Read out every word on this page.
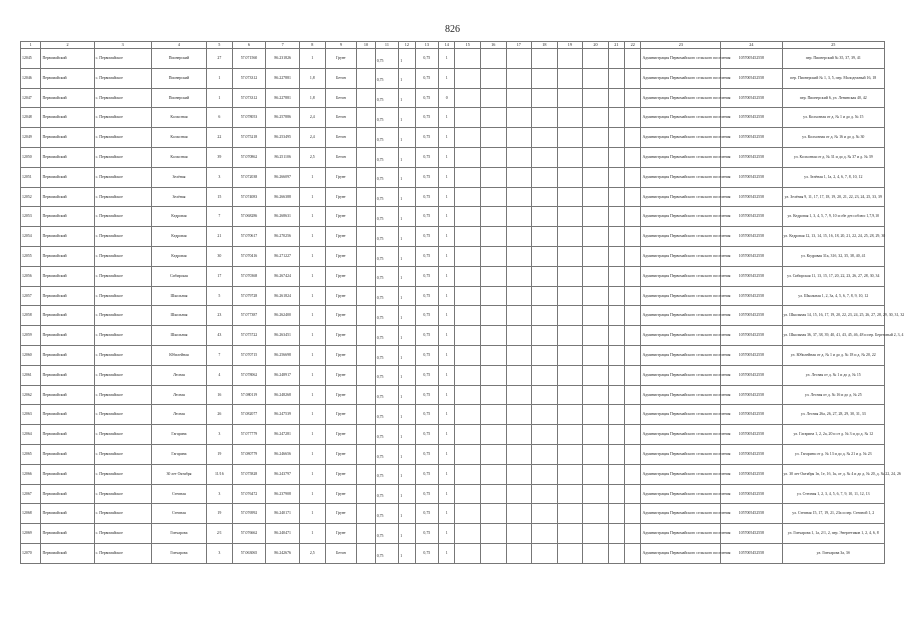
826
1	2	3	4	5	6	7	8	9	10	11	12	13	14	15	16	17	18	19	20	21	22	23	24	25
12045	Первомайский	с. Первомайское	Пионерский	27	57.071560	86.231826	1	Грунт		0,75	1	0,75	1									Администрация Первомайского сельского поселения	1057005452558	пер. Пионерский № 35, 37, 39, 41
12046	Первомайский	с. Первомайское	Пионерский	1	57.073312	86.227881	1,8	Бетон		0,75	1	0,75	1									Администрация Первомайского сельского поселения	1057005452558	пер. Пионерский № 1, 3, 5, пер. Молодежный 16, 18
12047	Первомайский	с. Первомайское	Пионерский	1	57.073312	86.227881	1,8	Бетон		0,75	1	0,75	0									Администрация Первомайского сельского поселения	1057005452558	пер. Пионерский 6, ул. Ленинская 40, 42
12048	Первомайский	с. Первомайское	Колхозная	6	57.078053	86.257886	2,4	Бетон		0,75	1	0,75	1									Администрация Первомайского сельского поселения	1057005452558	ул. Колхозная от д. № 1 и до д. № 15
12049	Первомайский	с. Первомайское	Колхозная	22	57.075218	86.253495	2,4	Бетон		0,75	1	0,75	1									Администрация Первомайского сельского поселения	1057005452558	ул. Колхозная от д. № 16 и до д. № 30
12050	Первомайский	с. Первомайское	Колхозная	39	57.070862	86.251106	2,5	Бетон		0,75	1	0,75	1									Администрация Первомайского сельского поселения	1057005452558	ул. Колхозная от д. № 31 и до д. № 37 и д. № 39
12051	Первомайский	с. Первомайское	Зелёная	3	57.072038	86.266097	1	Грунт		0,75	1	0,75	1									Администрация Первомайского сельского поселения	1057005452558	ул. Зелёная 1, 1а, 2, 4, 6, 7, 8, 10, 12
12052	Первомайский	с. Первомайское	Зелёная	15	57.074083	86.266388	1	Грунт		0,75	1	0,75	1									Администрация Первомайского сельского поселения	1057005452558	ул. Зелёная 9, 11, 17, 17, 18, 19, 20, 21, 22, 23, 24, 25, 33, 39
12053	Первомайский	с. Первомайское	Кедровая	7	57.068286	86.268631	1	Грунт		0,75	1	0,75	1									Администрация Первомайского сельского поселения	1057005452558	ул. Кедровая 1, 3, 4, 5, 7, 9, 10 и обе дет.соблюс 1,7,9,10
12054	Первомайский	с. Первомайское	Кедровая	21	57.070617	86.270256	1	Грунт		0,75	1	0,75	1									Администрация Первомайского сельского поселения	1057005452558	ул. Кедровая 12, 13, 14, 15, 16, 18, 20, 21, 22, 24, 25, 28, 29, 30
12055	Первомайский	с. Первомайское	Кедровая	30	57.070416	86.271227	1	Грунт		0,75	1	0,75	1									Администрация Первомайского сельского поселения	1057005452558	ул. Кедровая 31а, 31б, 32, 35, 38, 40, 41
12056	Первомайский	с. Первомайское	Сибирская	17	57.070368	86.267424	1	Грунт		0,75	1	0,75	1									Администрация Первомайского сельского поселения	1057005452558	ул. Сибирская 11, 13, 15, 17, 20, 22, 23, 26, 27, 28, 30, 34
12057	Первомайский	с. Первомайское	Школьная	5	57.079728	86.261824	1	Грунт		0,75	1	0,75	1									Администрация Первомайского сельского поселения	1057005452558	ул. Школьная 1, 2, 3а, 4, 5, 6, 7, 8, 9, 10, 12
12058	Первомайский	с. Первомайское	Школьная	23	57.077387	86.262400	1	Грунт		0,75	1	0,75	1									Администрация Первомайского сельского поселения	1057005452558	ул. Школьная 14, 15, 16, 17, 19, 20, 22, 23, 24, 25, 26, 27, 28, 29, 30, 31, 32
12059	Первомайский	с. Первомайское	Школьная	43	57.075722	86.263451	1	Грунт		0,75	1	0,75	1									Администрация Первомайского сельского поселения	1057005452558	ул. Школьная 36, 37, 38, 39, 40, 41, 43, 45, 46, 48 и пер. Березовый 2, 3, 4
12060	Первомайский	с. Первомайское	Юбилейная	7	57.070715	86.256698	1	Грунт		0,75	1	0,75	1									Администрация Первомайского сельского поселения	1057005452558	ул. Юбилейная от д. № 1 и до д. № 18 и д. № 20, 22
12061	Первомайский	с. Первомайское	Лесная	4	57.078062	86.248917	1	Грунт		0,75	1	0,75	1									Администрация Первомайского сельского поселения	1057005452558	ул. Лесная от д. № 1 и до д. № 15
12062	Первомайский	с. Первомайское	Лесная	16	57.080119	86.248268	1	Грунт		0,75	1	0,75	1									Администрация Первомайского сельского поселения	1057005452558	ул. Лесная от д. № 16 и до д. № 25
12063	Первомайский	с. Первомайское	Лесная	26	57.082077	86.247539	1	Грунт		0,75	1	0,75	1									Администрация Первомайского сельского поселения	1057005452558	ул. Лесная 26а, 26, 27, 28, 29, 30, 31, 33
12064	Первомайский	с. Первомайское	Гагарина	3	57.077779	86.247281	1	Грунт		0,75	1	0,75	1									Администрация Первомайского сельского поселения	1057005452558	ул. Гагарина 1, 2, 2а, 20 и от д. № 3 и до д. № 12
12065	Первомайский	с. Первомайское	Гагарина	19	57.080779	86.246656	1	Грунт		0,75	1	0,75	1									Администрация Первомайского сельского поселения	1057005452558	ул. Гагарина от д. № 13 и до д. № 21 и д. № 23
12066	Первомайский	с. Первомайское	30 лет Октября	11/16	57.075828	86.243797	1	Грунт		0,75	1	0,75	1									Администрация Первомайского сельского поселения	1057005452558	ул. 30 лет Октября 1в, 1е, 1б, 1к, от д. № 4 и до д. № 20, д. № 22, 24, 26
12067	Первомайский	с. Первомайское	Степная	3	57.076472	86.237908	1	Грунт		0,75	1	0,75	1									Администрация Первомайского сельского поселения	1057005452558	ул. Степная 1, 2, 3, 4, 5, 6, 7, 9, 10, 11, 12, 13
12068	Первомайский	с. Первомайское	Степная	19	57.076992	86.240171	1	Грунт		0,75	1	0,75	1									Администрация Первомайского сельского поселения	1057005452558	ул. Степная 15, 17, 19, 21, 23а и пер. Степной 1, 2
12069	Первомайский	с. Первомайское	Гончарова	2/1	57.076662	86.240471	1	Грунт		0,75	1	0,75	1									Администрация Первомайского сельского поселения	1057005452558	ул. Гончарова 1, 1а, 2/1, 2, пер. Энергетиков 1, 2, 4, 6, 8
12070	Первомайский	с. Первомайское	Гончарова	3	57.063065	86.242676	2,5	Бетон		0,75	1	0,75	1									Администрация Первомайского сельского поселения	1057005452558	ул. Гончарова 3а, 3б
